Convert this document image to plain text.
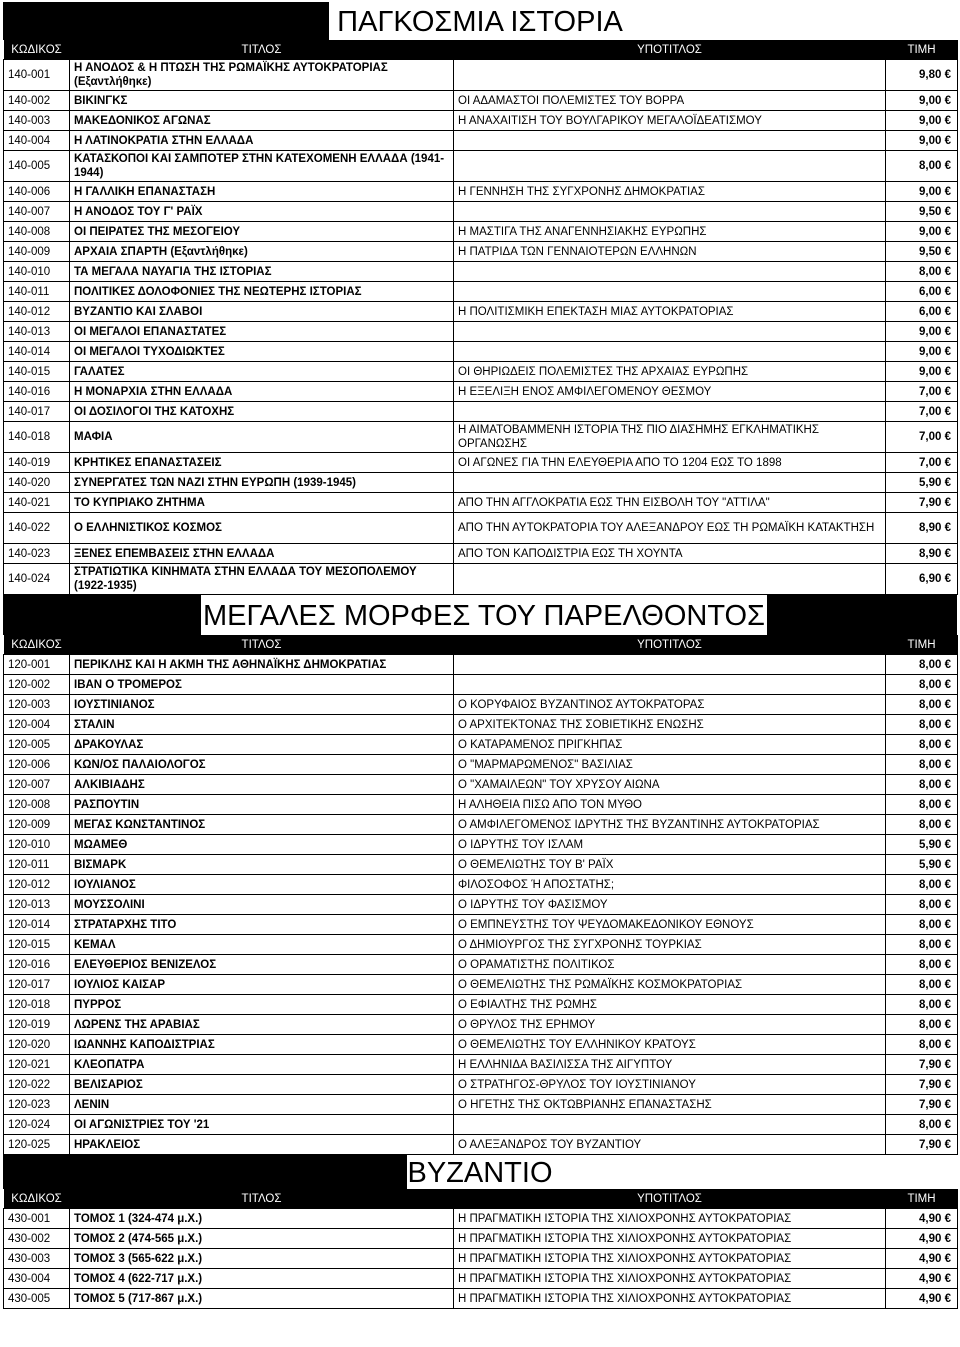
ΠΑΓΚΟΣΜΙΑ ΙΣΤΟΡΙΑ
ΚΩΔΙΚΟΣ	ΤΙΤΛΟΣ	ΥΠΟΤΙΤΛΟΣ	ΤΙΜΗ
140-001	Η ΑΝΟΔΟΣ & Η ΠΤΩΣΗ ΤΗΣ ΡΩΜΑΪΚΗΣ ΑΥΤΟΚΡΑΤΟΡΙΑΣ (Εξαντλήθηκε)		9,80 €
140-002	ΒΙΚΙΝΓΚΣ	ΟΙ ΑΔΑΜΑΣΤΟΙ ΠΟΛΕΜΙΣΤΕΣ ΤΟΥ ΒΟΡΡΑ	9,00 €
140-003	ΜΑΚΕΔΟΝΙΚΟΣ ΑΓΩΝΑΣ	Η ΑΝΑΧΑΙΤΙΣΗ ΤΟΥ ΒΟΥΛΓΑΡΙΚΟΥ ΜΕΓΑΛΟΪΔΕΑΤΙΣΜΟΥ	9,00 €
140-004	Η ΛΑΤΙΝΟΚΡΑΤΙΑ ΣΤΗΝ ΕΛΛΑΔΑ		9,00 €
140-005	ΚΑΤΑΣΚΟΠΟΙ ΚΑΙ ΣΑΜΠΟΤΕΡ ΣΤΗΝ ΚΑΤΕΧΟΜΕΝΗ ΕΛΛΑΔΑ (1941-1944)		8,00 €
140-006	Η ΓΑΛΛΙΚΗ ΕΠΑΝΑΣΤΑΣΗ	Η ΓΕΝΝΗΣΗ ΤΗΣ ΣΥΓΧΡΟΝΗΣ ΔΗΜΟΚΡΑΤΙΑΣ	9,00 €
140-007	Η ΑΝΟΔΟΣ ΤΟΥ Γ' ΡΑΪΧ		9,50 €
140-008	ΟΙ ΠΕΙΡΑΤΕΣ ΤΗΣ ΜΕΣΟΓΕΙΟΥ	Η ΜΑΣΤΙΓΑ ΤΗΣ ΑΝΑΓΕΝΝΗΣΙΑΚΗΣ ΕΥΡΩΠΗΣ	9,00 €
140-009	ΑΡΧΑΙΑ ΣΠΑΡΤΗ (Εξαντλήθηκε)	Η ΠΑΤΡΙΔΑ ΤΩΝ ΓΕΝΝΑΙΟΤΕΡΩΝ ΕΛΛΗΝΩΝ	9,50 €
140-010	ΤΑ ΜΕΓΑΛΑ ΝΑΥΑΓΙΑ ΤΗΣ ΙΣΤΟΡΙΑΣ		8,00 €
140-011	ΠΟΛΙΤΙΚΕΣ ΔΟΛΟΦΟΝΙΕΣ ΤΗΣ ΝΕΩΤΕΡΗΣ ΙΣΤΟΡΙΑΣ		6,00 €
140-012	ΒΥΖΑΝΤΙΟ ΚΑΙ ΣΛΑΒΟΙ	Η ΠΟΛΙΤΙΣΜΙΚΗ ΕΠΕΚΤΑΣΗ ΜΙΑΣ ΑΥΤΟΚΡΑΤΟΡΙΑΣ	6,00 €
140-013	ΟΙ ΜΕΓΑΛΟΙ ΕΠΑΝΑΣΤΑΤΕΣ		9,00 €
140-014	ΟΙ ΜΕΓΑΛΟΙ ΤΥΧΟΔΙΩΚΤΕΣ		9,00 €
140-015	ΓΑΛΑΤΕΣ	ΟΙ ΘΗΡΙΩΔΕΙΣ ΠΟΛΕΜΙΣΤΕΣ ΤΗΣ ΑΡΧΑΙΑΣ ΕΥΡΩΠΗΣ	9,00 €
140-016	Η ΜΟΝΑΡΧΙΑ ΣΤΗΝ ΕΛΛΑΔΑ	Η ΕΞΕΛΙΞΗ ΕΝΟΣ ΑΜΦΙΛΕΓΟΜΕΝΟΥ ΘΕΣΜΟΥ	7,00 €
140-017	ΟΙ ΔΟΣΙΛΟΓΟΙ ΤΗΣ ΚΑΤΟΧΗΣ		7,00 €
140-018	ΜΑΦΙΑ	Η ΑΙΜΑΤΟΒΑΜΜΕΝΗ ΙΣΤΟΡΙΑ ΤΗΣ ΠΙΟ ΔΙΑΣΗΜΗΣ ΕΓΚΛΗΜΑΤΙΚΗΣ ΟΡΓΑΝΩΣΗΣ	7,00 €
140-019	ΚΡΗΤΙΚΕΣ ΕΠΑΝΑΣΤΑΣΕΙΣ	ΟΙ ΑΓΩΝΕΣ ΓΙΑ ΤΗΝ ΕΛΕΥΘΕΡΙΑ ΑΠΟ ΤΟ 1204 ΕΩΣ ΤΟ 1898	7,00 €
140-020	ΣΥΝΕΡΓΑΤΕΣ ΤΩΝ ΝΑΖΙ ΣΤΗΝ ΕΥΡΩΠΗ (1939-1945)		5,90 €
140-021	ΤΟ ΚΥΠΡΙΑΚΟ ΖΗΤΗΜΑ	ΑΠΟ ΤΗΝ ΑΓΓΛΟΚΡΑΤΙΑ ΕΩΣ ΤΗΝ ΕΙΣΒΟΛΗ ΤΟΥ "ΑΤΤΙΛΑ"	7,90 €
140-022	Ο ΕΛΛΗΝΙΣΤΙΚΟΣ ΚΟΣΜΟΣ	ΑΠΟ ΤΗΝ ΑΥΤΟΚΡΑΤΟΡΙΑ ΤΟΥ ΑΛΕΞΑΝΔΡΟΥ ΕΩΣ ΤΗ ΡΩΜΑΪΚΗ ΚΑΤΑΚΤΗΣΗ	8,90 €
140-023	ΞΕΝΕΣ ΕΠΕΜΒΑΣΕΙΣ ΣΤΗΝ ΕΛΛΑΔΑ	ΑΠΟ ΤΟΝ ΚΑΠΟΔΙΣΤΡΙΑ ΕΩΣ ΤΗ ΧΟΥΝΤΑ	8,90 €
140-024	ΣΤΡΑΤΙΩΤΙΚΑ ΚΙΝΗΜΑΤΑ ΣΤΗΝ ΕΛΛΑΔΑ ΤΟΥ ΜΕΣΟΠΟΛΕΜΟΥ (1922-1935)		6,90 €
ΜΕΓΑΛΕΣ ΜΟΡΦΕΣ ΤΟΥ ΠΑΡΕΛΘΟΝΤΟΣ
ΚΩΔΙΚΟΣ	ΤΙΤΛΟΣ	ΥΠΟΤΙΤΛΟΣ	ΤΙΜΗ
120-001	ΠΕΡΙΚΛΗΣ ΚΑΙ Η ΑΚΜΗ ΤΗΣ ΑΘΗΝΑΪΚΗΣ ΔΗΜΟΚΡΑΤΙΑΣ		8,00 €
120-002	ΙΒΑΝ Ο ΤΡΟΜΕΡΟΣ		8,00 €
120-003	ΙΟΥΣΤΙΝΙΑΝΟΣ	Ο ΚΟΡΥΦΑΙΟΣ ΒΥΖΑΝΤΙΝΟΣ ΑΥΤΟΚΡΑΤΟΡΑΣ	8,00 €
120-004	ΣΤΑΛΙΝ	Ο ΑΡΧΙΤΕΚΤΟΝΑΣ ΤΗΣ ΣΟΒΙΕΤΙΚΗΣ ΕΝΩΣΗΣ	8,00 €
120-005	ΔΡΑΚΟΥΛΑΣ	Ο ΚΑΤΑΡΑΜΕΝΟΣ ΠΡΙΓΚΗΠΑΣ	8,00 €
120-006	ΚΩΝ/ΟΣ ΠΑΛΑΙΟΛΟΓΟΣ	Ο "ΜΑΡΜΑΡΩΜΕΝΟΣ" ΒΑΣΙΛΙΑΣ	8,00 €
120-007	ΑΛΚΙΒΙΑΔΗΣ	Ο "ΧΑΜΑΙΛΕΩΝ" ΤΟΥ ΧΡΥΣΟΥ ΑΙΩΝΑ	8,00 €
120-008	ΡΑΣΠΟΥΤΙΝ	Η ΑΛΗΘΕΙΑ ΠΙΣΩ ΑΠΟ ΤΟΝ ΜΥΘΟ	8,00 €
120-009	ΜΕΓΑΣ ΚΩΝΣΤΑΝΤΙΝΟΣ	Ο ΑΜΦΙΛΕΓΟΜΕΝΟΣ ΙΔΡΥΤΗΣ ΤΗΣ ΒΥΖΑΝΤΙΝΗΣ ΑΥΤΟΚΡΑΤΟΡΙΑΣ	8,00 €
120-010	ΜΩΑΜΕΘ	Ο ΙΔΡΥΤΗΣ ΤΟΥ ΙΣΛΑΜ	5,90 €
120-011	ΒΙΣΜΑΡΚ	Ο ΘΕΜΕΛΙΩΤΗΣ ΤΟΥ Β' ΡΑΪΧ	5,90 €
120-012	ΙΟΥΛΙΑΝΟΣ	ΦΙΛΟΣΟΦΟΣ Ή ΑΠΟΣΤΑΤΗΣ;	8,00 €
120-013	ΜΟΥΣΣΟΛΙΝΙ	Ο ΙΔΡΥΤΗΣ ΤΟΥ ΦΑΣΙΣΜΟΥ	8,00 €
120-014	ΣΤΡΑΤΑΡΧΗΣ ΤΙΤΟ	Ο ΕΜΠΝΕΥΣΤΗΣ ΤΟΥ ΨΕΥΔΟΜΑΚΕΔΟΝΙΚΟΥ ΕΘΝΟΥΣ	8,00 €
120-015	ΚΕΜΑΛ	Ο ΔΗΜΙΟΥΡΓΟΣ ΤΗΣ ΣΥΓΧΡΟΝΗΣ ΤΟΥΡΚΙΑΣ	8,00 €
120-016	ΕΛΕΥΘΕΡΙΟΣ ΒΕΝΙΖΕΛΟΣ	Ο ΟΡΑΜΑΤΙΣΤΗΣ ΠΟΛΙΤΙΚΟΣ	8,00 €
120-017	ΙΟΥΛΙΟΣ ΚΑΙΣΑΡ	Ο ΘΕΜΕΛΙΩΤΗΣ ΤΗΣ ΡΩΜΑΪΚΗΣ ΚΟΣΜΟΚΡΑΤΟΡΙΑΣ	8,00 €
120-018	ΠΥΡΡΟΣ	Ο ΕΦΙΑΛΤΗΣ ΤΗΣ ΡΩΜΗΣ	8,00 €
120-019	ΛΩΡΕΝΣ ΤΗΣ ΑΡΑΒΙΑΣ	Ο ΘΡΥΛΟΣ ΤΗΣ ΕΡΗΜΟΥ	8,00 €
120-020	ΙΩΑΝΝΗΣ ΚΑΠΟΔΙΣΤΡΙΑΣ	Ο ΘΕΜΕΛΙΩΤΗΣ ΤΟΥ ΕΛΛΗΝΙΚΟΥ ΚΡΑΤΟΥΣ	8,00 €
120-021	ΚΛΕΟΠΑΤΡΑ	Η ΕΛΛΗΝΙΔΑ ΒΑΣΙΛΙΣΣΑ ΤΗΣ ΑΙΓΥΠΤΟΥ	7,90 €
120-022	ΒΕΛΙΣΑΡΙΟΣ	Ο ΣΤΡΑΤΗΓΟΣ-ΘΡΥΛΟΣ ΤΟΥ ΙΟΥΣΤΙΝΙΑΝΟΥ	7,90 €
120-023	ΛΕΝΙΝ	Ο ΗΓΕΤΗΣ ΤΗΣ ΟΚΤΩΒΡΙΑΝΗΣ ΕΠΑΝΑΣΤΑΣΗΣ	7,90 €
120-024	ΟΙ ΑΓΩΝΙΣΤΡΙΕΣ ΤΟΥ '21		8,00 €
120-025	ΗΡΑΚΛΕΙΟΣ	Ο ΑΛΕΞΑΝΔΡΟΣ ΤΟΥ ΒΥΖΑΝΤΙΟΥ	7,90 €
ΒΥΖΑΝΤΙΟ
ΚΩΔΙΚΟΣ	ΤΙΤΛΟΣ	ΥΠΟΤΙΤΛΟΣ	ΤΙΜΗ
430-001	ΤΟΜΟΣ 1 (324-474 μ.Χ.)	Η ΠΡΑΓΜΑΤΙΚΗ ΙΣΤΟΡΙΑ ΤΗΣ ΧΙΛΙΟΧΡΟΝΗΣ ΑΥΤΟΚΡΑΤΟΡΙΑΣ	4,90 €
430-002	ΤΟΜΟΣ 2 (474-565 μ.Χ.)	Η ΠΡΑΓΜΑΤΙΚΗ ΙΣΤΟΡΙΑ ΤΗΣ ΧΙΛΙΟΧΡΟΝΗΣ ΑΥΤΟΚΡΑΤΟΡΙΑΣ	4,90 €
430-003	ΤΟΜΟΣ 3 (565-622 μ.Χ.)	Η ΠΡΑΓΜΑΤΙΚΗ ΙΣΤΟΡΙΑ ΤΗΣ ΧΙΛΙΟΧΡΟΝΗΣ ΑΥΤΟΚΡΑΤΟΡΙΑΣ	4,90 €
430-004	ΤΟΜΟΣ 4 (622-717 μ.Χ.)	Η ΠΡΑΓΜΑΤΙΚΗ ΙΣΤΟΡΙΑ ΤΗΣ ΧΙΛΙΟΧΡΟΝΗΣ ΑΥΤΟΚΡΑΤΟΡΙΑΣ	4,90 €
430-005	ΤΟΜΟΣ 5 (717-867 μ.Χ.)	Η ΠΡΑΓΜΑΤΙΚΗ ΙΣΤΟΡΙΑ ΤΗΣ ΧΙΛΙΟΧΡΟΝΗΣ ΑΥΤΟΚΡΑΤΟΡΙΑΣ	4,90 €
